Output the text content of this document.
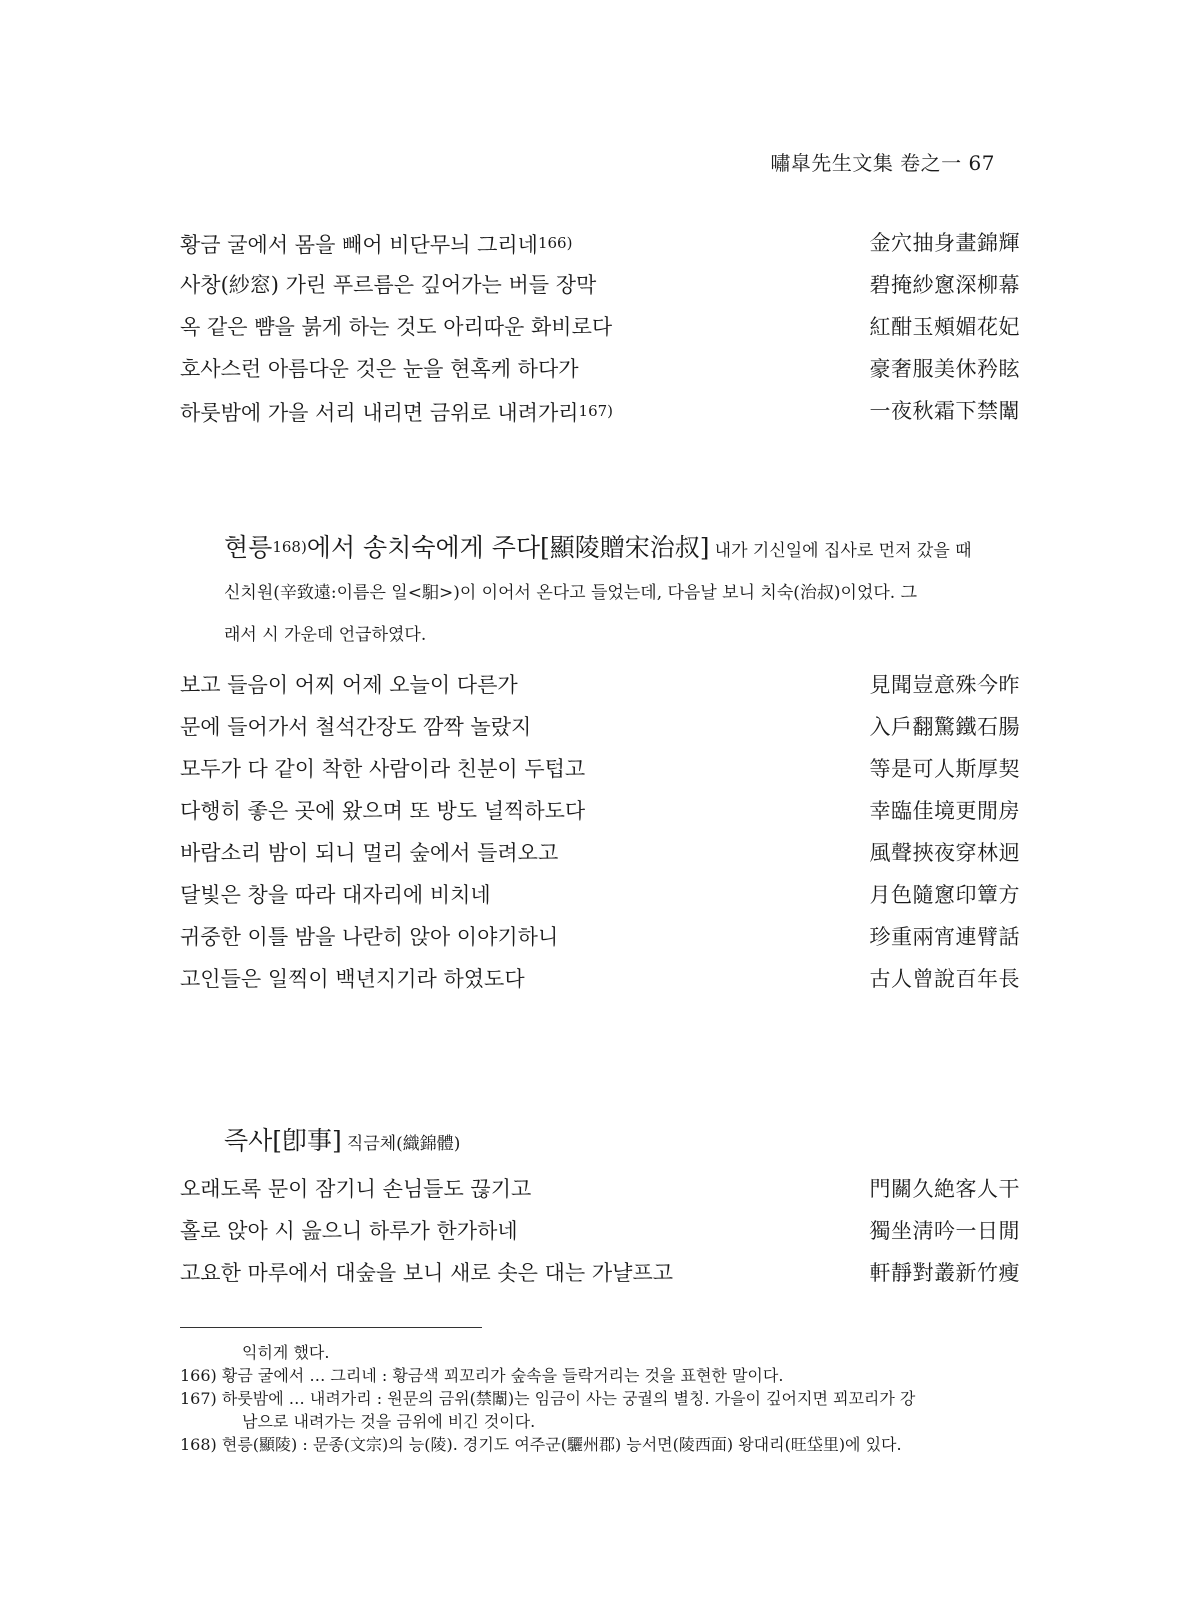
嘯皐先生文集 卷之一 67
황금 굴에서 몸을 빼어 비단무늬 그리네$^{166)}$	金穴抽身畫錦輝
사창(紗窓) 가린 푸르름은 깊어가는 버들 장막	碧掩紗窻深柳幕
옥 같은 뺨을 붉게 하는 것도 아리따운 화비로다	紅酣玉頰媚花妃
호사스런 아름다운 것은 눈을 현혹케 하다가	豪奢服美休矜眩
하룻밤에 가을 서리 내리면 금위로 내려가리$^{167)}$	一夜秋霜下禁闈
현릉$^{168)}$에서 송치숙에게 주다[顯陵贈宋治叔] 내가 기신일에 집사로 먼저 갔을 때
신치원(辛致遠:이름은 일<馹>)이 이어서 온다고 들었는데, 다음날 보니 치숙(治叔)이었다. 그
래서 시 가운데 언급하였다.
보고 들음이 어찌 어제 오늘이 다른가	見聞豈意殊今昨
문에 들어가서 철석간장도 깜짝 놀랐지	入戶翻驚鐵石腸
모두가 다 같이 착한 사람이라 친분이 두텁고	等是可人斯厚契
다행히 좋은 곳에 왔으며 또 방도 널찍하도다	幸臨佳境更閒房
바람소리 밤이 되니 멀리 숲에서 들려오고	風聲挾夜穿林迥
달빛은 창을 따라 대자리에 비치네	月色隨窻印簟方
귀중한 이틀 밤을 나란히 앉아 이야기하니	珍重兩宵連臂話
고인들은 일찍이 백년지기라 하였도다	古人曾說百年長
즉사[卽事] 직금체(織錦體)
오래도록 문이 잠기니 손님들도 끊기고	門關久絶客人干
홀로 앉아 시 읊으니 하루가 한가하네	獨坐淸吟一日閒
고요한 마루에서 대숲을 보니 새로 솟은 대는 가냘프고	軒靜對叢新竹瘦
익히게 했다.
166) 황금 굴에서 … 그리네 : 황금색 꾀꼬리가 숲속을 들락거리는 것을 표현한 말이다.
167) 하룻밤에 … 내려가리 : 원문의 금위(禁闈)는 임금이 사는 궁궐의 별칭. 가을이 깊어지면 꾀꼬리가 강
남으로 내려가는 것을 금위에 비긴 것이다.
168) 현릉(顯陵) : 문종(文宗)의 능(陵). 경기도 여주군(驪州郡) 능서면(陵西面) 왕대리(旺垈里)에 있다.
